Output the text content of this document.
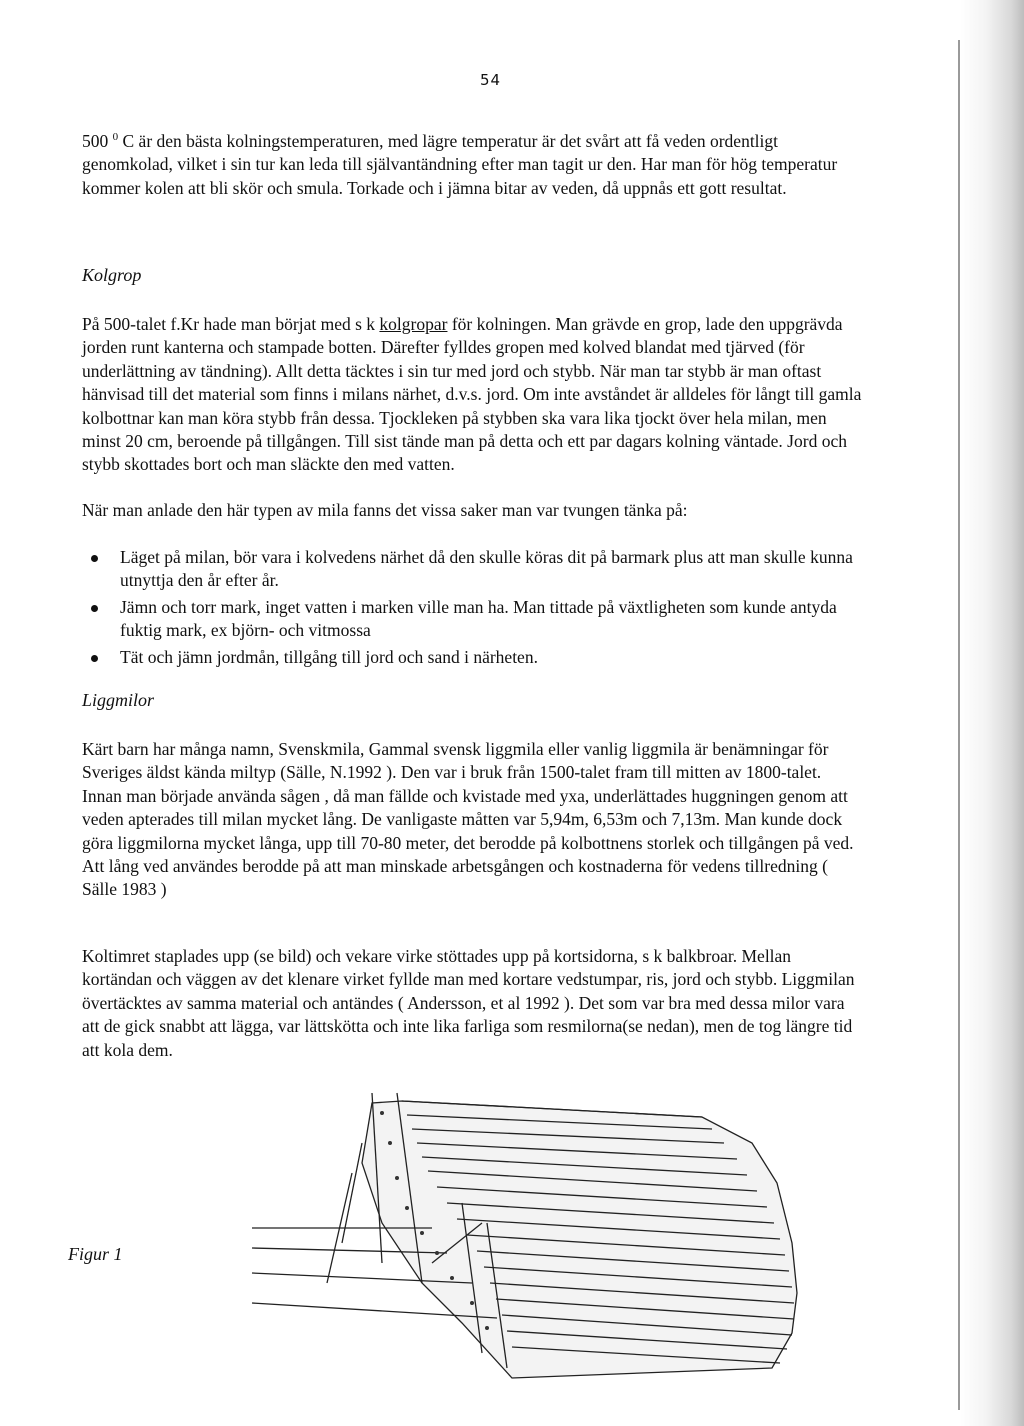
54

500 $^0$ C är den bästa kolningstemperaturen, med lägre temperatur är det svårt att få veden ordentligt genomkolad, vilket i sin tur kan leda till självantändning efter man tagit ur den. Har man för hög temperatur kommer kolen att bli skör och smula. Torkade och i jämna bitar av veden, då uppnås ett gott resultat.

Kolgrop

På 500-talet f.Kr hade man börjat med s k kolgropar för kolningen. Man grävde en grop, lade den uppgrävda jorden runt kanterna och stampade botten. Därefter fylldes gropen med kolved blandat med tjärved (för underlättning av tändning). Allt detta täcktes i sin tur med jord och stybb. När man tar stybb är man oftast hänvisad till det material som finns i milans närhet, d.v.s. jord. Om inte avståndet är alldeles för långt till gamla kolbottnar kan man köra stybb från dessa. Tjockleken på stybben ska vara lika tjockt över hela milan, men minst 20 cm, beroende på tillgången. Till sist tände man på detta och ett par dagars kolning väntade. Jord och stybb skottades bort och man släckte den med vatten.

När man anlade den här typen av mila fanns det vissa saker man var tvungen tänka på:

Läget på milan, bör vara i kolvedens närhet då den skulle köras dit på barmark plus att man skulle kunna utnyttja den år efter år.
Jämn och torr mark, inget vatten i marken ville man ha. Man tittade på växtligheten som kunde antyda fuktig mark, ex björn- och vitmossa
Tät och jämn jordmån, tillgång till jord och sand i närheten.

Liggmilor

Kärt barn har många namn, Svenskmila, Gammal svensk liggmila eller vanlig liggmila är benämningar för Sveriges äldst kända miltyp (Sälle, N.1992 ). Den var i bruk från 1500-talet fram till mitten av 1800-talet. Innan man började använda sågen , då man fällde och kvistade med yxa, underlättades huggningen genom att veden apterades till milan mycket lång. De vanligaste måtten var 5,94m, 6,53m och 7,13m. Man kunde dock göra liggmilorna mycket långa, upp till 70-80 meter, det berodde på kolbottnens storlek och tillgången på ved. Att lång ved användes berodde på att man minskade arbetsgången och kostnaderna för vedens tillredning ( Sälle 1983 )

Koltimret staplades upp (se bild) och vekare virke stöttades upp på kortsidorna, s k balkbroar. Mellan kortändan och väggen av det klenare virket fyllde man med kortare vedstumpar, ris, jord och stybb. Liggmilan övertäcktes av samma material och antändes ( Andersson, et al 1992 ). Det som var bra med dessa milor vara att de gick snabbt att lägga, var lättskötta och inte lika farliga som resmilorna(se nedan), men de tog längre tid att kola dem.

Figur 1
